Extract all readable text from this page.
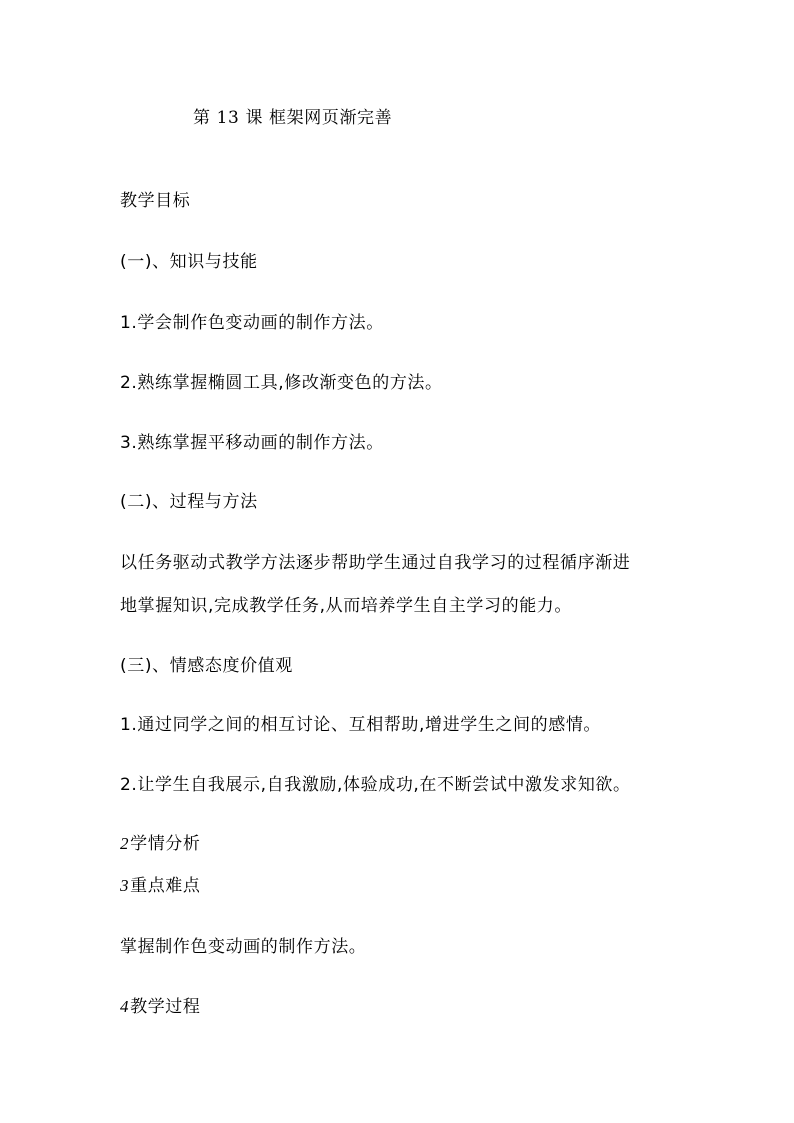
第 13 课 框架网页渐完善
教学目标
(一)、知识与技能
1.学会制作色变动画的制作方法。
2.熟练掌握椭圆工具,修改渐变色的方法。
3.熟练掌握平移动画的制作方法。
(二)、过程与方法
以任务驱动式教学方法逐步帮助学生通过自我学习的过程循序渐进
地掌握知识,完成教学任务,从而培养学生自主学习的能力。
(三)、情感态度价值观
1.通过同学之间的相互讨论、互相帮助,增进学生之间的感情。
2.让学生自我展示,自我激励,体验成功,在不断尝试中激发求知欲。
2学情分析
3重点难点
掌握制作色变动画的制作方法。
4教学过程
